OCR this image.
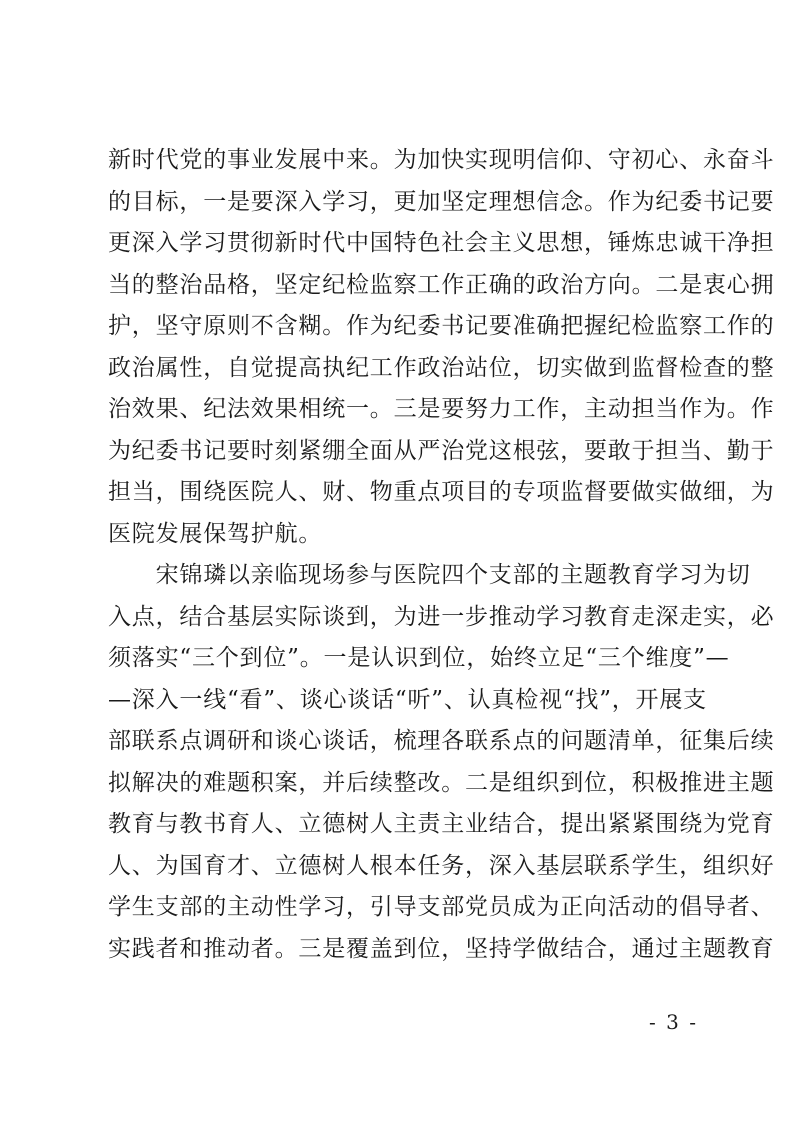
新时代党的事业发展中来。为加快实现明信仰、守初心、永奋斗
的目标，一是要深入学习，更加坚定理想信念。作为纪委书记要
更深入学习贯彻新时代中国特色社会主义思想，锤炼忠诚干净担
当的整治品格，坚定纪检监察工作正确的政治方向。二是衷心拥
护，坚守原则不含糊。作为纪委书记要准确把握纪检监察工作的
政治属性，自觉提高执纪工作政治站位，切实做到监督检查的整
治效果、纪法效果相统一。三是要努力工作，主动担当作为。作
为纪委书记要时刻紧绷全面从严治党这根弦，要敢于担当、勤于
担当，围绕医院人、财、物重点项目的专项监督要做实做细，为
医院发展保驾护航。
　　宋锦璘以亲临现场参与医院四个支部的主题教育学习为切
入点，结合基层实际谈到，为进一步推动学习教育走深走实，必
须落实“三个到位”。一是认识到位，始终立足“三个维度”—
—深入一线“看”、谈心谈话“听”、认真检视“找”，开展支
部联系点调研和谈心谈话，梳理各联系点的问题清单，征集后续
拟解决的难题积案，并后续整改。二是组织到位，积极推进主题
教育与教书育人、立德树人主责主业结合，提出紧紧围绕为党育
人、为国育才、立德树人根本任务，深入基层联系学生，组织好
学生支部的主动性学习，引导支部党员成为正向活动的倡导者、
实践者和推动者。三是覆盖到位，坚持学做结合，通过主题教育
- 3 -
